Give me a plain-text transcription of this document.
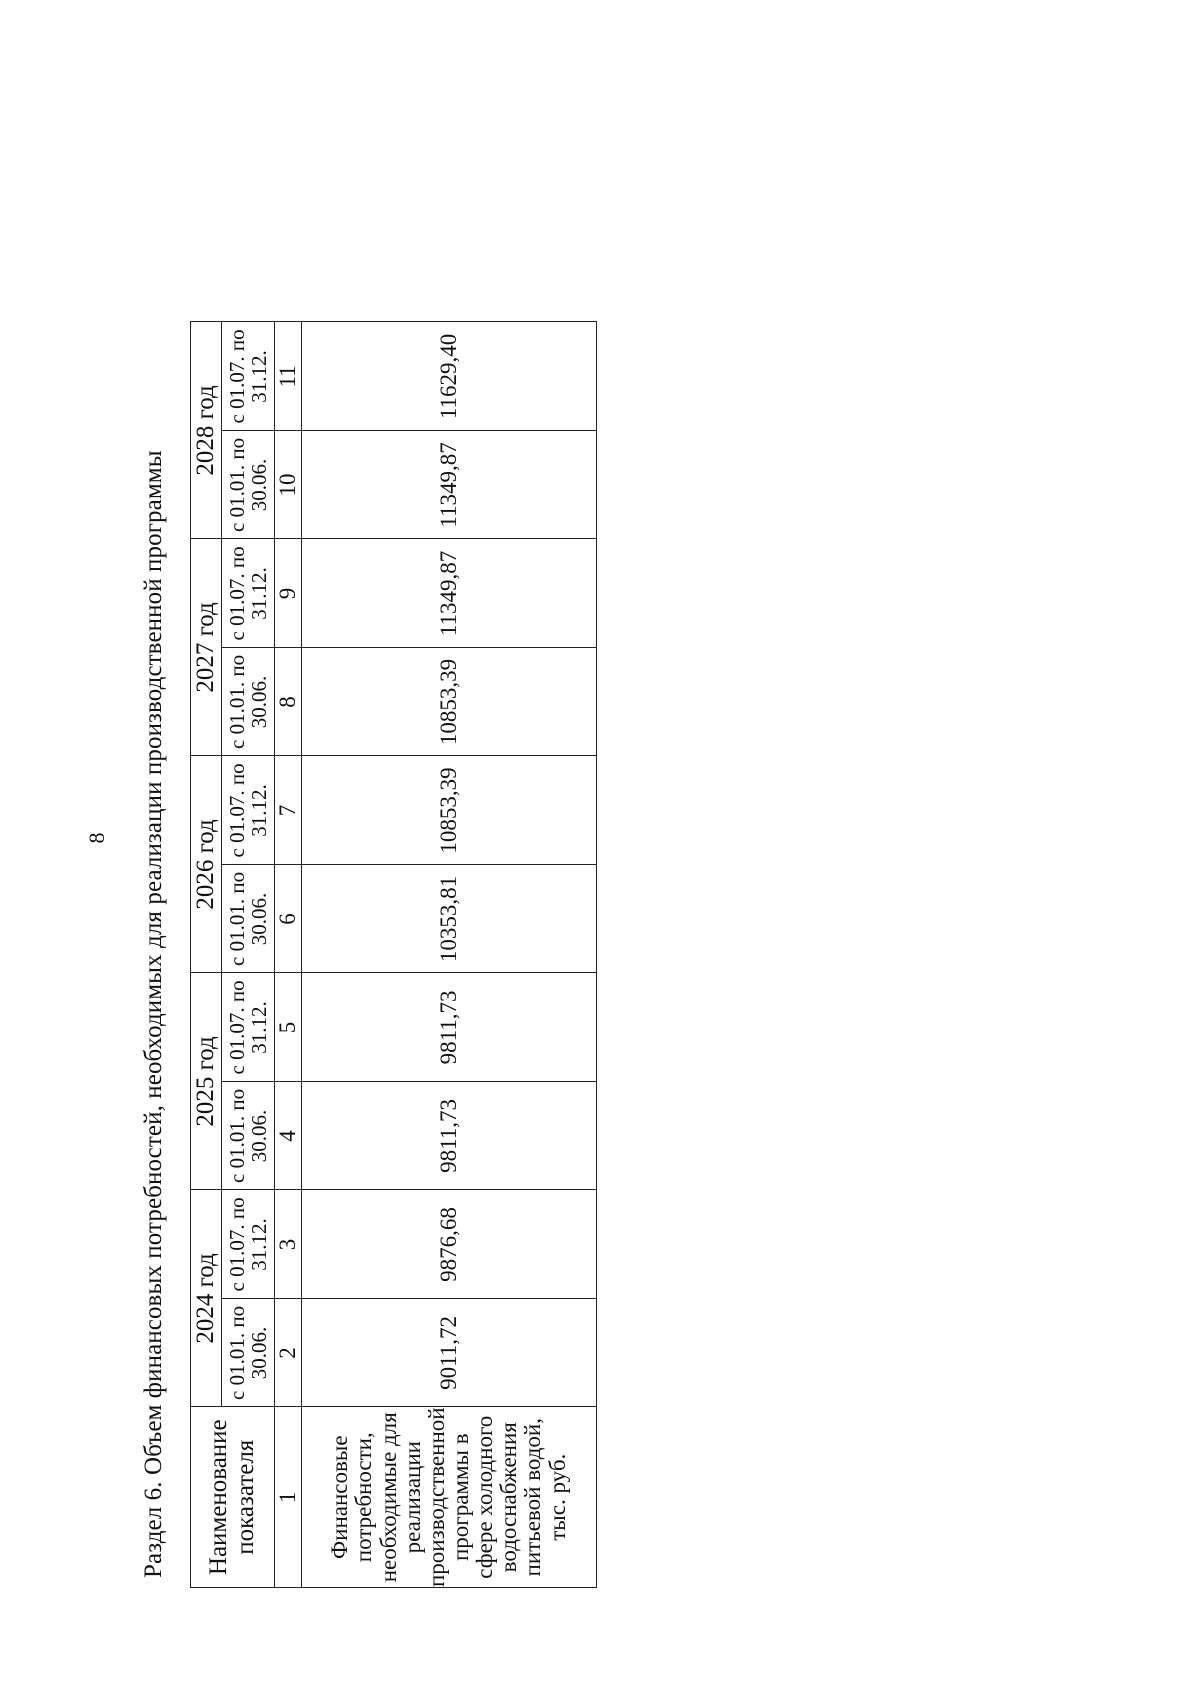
8 Раздел 6. Объем финансовых потребностей, необходимых для реализации производственной программы Наименование показателя	2024 год		2025 год		2026 год		2027 год		2028 год	
	с 01.01. по 30.06.	с 01.07. по 31.12.	с 01.01. по 30.06.	с 01.07. по 31.12.	с 01.01. по 30.06.	с 01.07. по 31.12.	с 01.01. по 30.06.	с 01.07. по 31.12.	с 01.01. по 30.06.	с 01.07. по 31.12.
1	2	3	4	5	6	7	8	9	10	11
Финансовые потребности, необходимые для реализации производственной программы в сфере холодного водоснабжения питьевой водой, тыс. руб.	9011,72	9876,68	9811,73	9811,73	10353,81	10853,39	10853,39	11349,87	11349,87	11629,40
